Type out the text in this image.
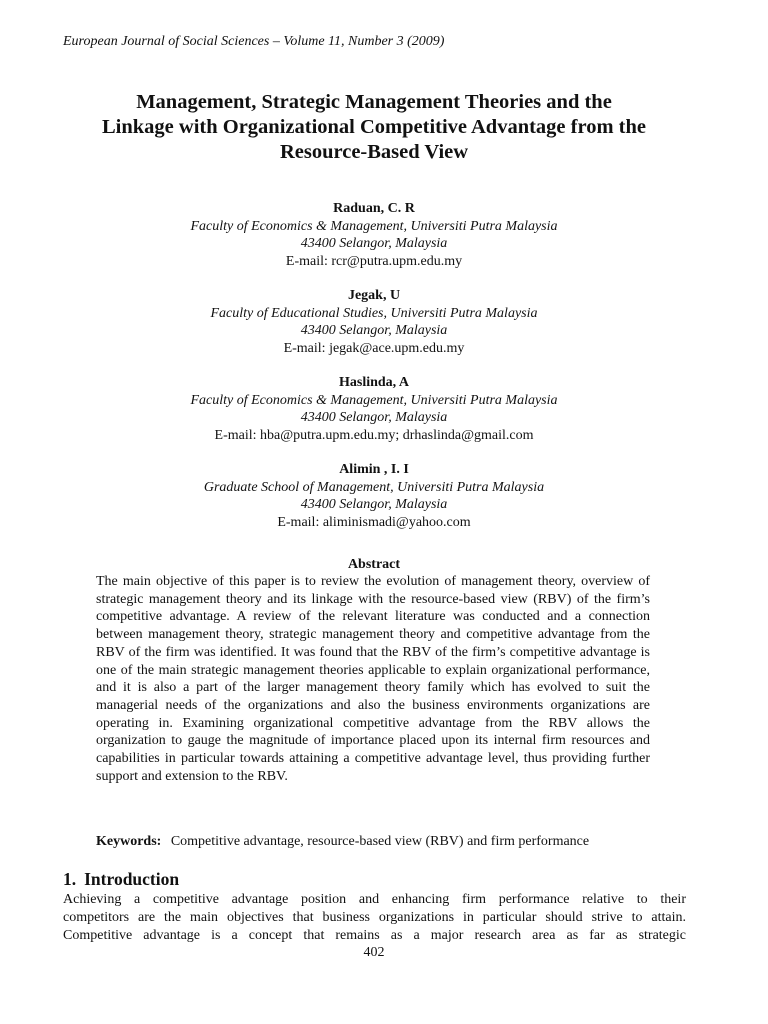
European Journal of Social Sciences – Volume 11, Number 3 (2009)
Management, Strategic Management Theories and the
Linkage with Organizational Competitive Advantage from the
Resource-Based View
Raduan, C. R
Faculty of Economics & Management, Universiti Putra Malaysia
43400 Selangor, Malaysia
E-mail: rcr@putra.upm.edu.my
Jegak, U
Faculty of Educational Studies, Universiti Putra Malaysia
43400 Selangor, Malaysia
E-mail: jegak@ace.upm.edu.my
Haslinda, A
Faculty of Economics & Management, Universiti Putra Malaysia
43400 Selangor, Malaysia
E-mail: hba@putra.upm.edu.my; drhaslinda@gmail.com
Alimin , I. I
Graduate School of Management, Universiti Putra Malaysia
43400 Selangor, Malaysia
E-mail: aliminismadi@yahoo.com
Abstract

The main objective of this paper is to review the evolution of management theory, overview of strategic management theory and its linkage with the resource-based view (RBV) of the firm’s competitive advantage. A review of the relevant literature was conducted and a connection between management theory, strategic management theory and competitive advantage from the RBV of the firm was identified. It was found that the RBV of the firm’s competitive advantage is one of the main strategic management theories applicable to explain organizational performance, and it is also a part of the larger management theory family which has evolved to suit the managerial needs of the organizations and also the business environments organizations are operating in. Examining organizational competitive advantage from the RBV allows the organization to gauge the magnitude of importance placed upon its internal firm resources and capabilities in particular towards attaining a competitive advantage level, thus providing further support and extension to the RBV.

Keywords: Competitive advantage, resource-based view (RBV) and firm performance
1. Introduction
Achieving a competitive advantage position and enhancing firm performance relative to their
competitors are the main objectives that business organizations in particular should strive to attain.
Competitive advantage is a concept that remains as a major research area as far as strategic
402
